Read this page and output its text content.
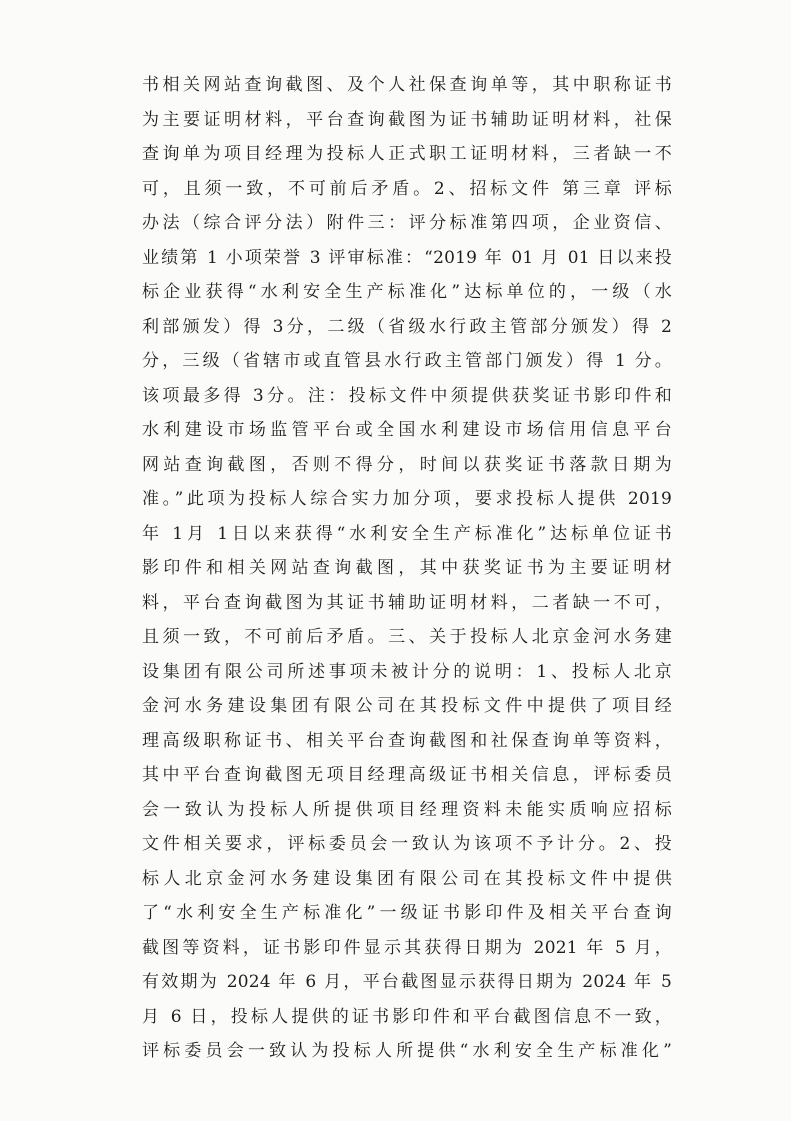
书相关网站查询截图、及个人社保查询单等，其中职称证书
为主要证明材料，平台查询截图为证书辅助证明材料，社保
查询单为项目经理为投标人正式职工证明材料，三者缺一不
可，且须一致，不可前后矛盾。2、招标文件 第三章 评标
办法（综合评分法）附件三：评分标准第四项，企业资信、
业绩第 1 小项荣誉 3 评审标准：“2019 年 01 月 01 日以来投
标企业获得“水利安全生产标准化”达标单位的，一级（水
利部颁发）得 3分，二级（省级水行政主管部分颁发）得 2
分，三级（省辖市或直管县水行政主管部门颁发）得 1 分。
该项最多得 3分。注：投标文件中须提供获奖证书影印件和
水利建设市场监管平台或全国水利建设市场信用信息平台
网站查询截图，否则不得分，时间以获奖证书落款日期为
准。”此项为投标人综合实力加分项，要求投标人提供 2019
年 1月 1日以来获得“水利安全生产标准化”达标单位证书
影印件和相关网站查询截图，其中获奖证书为主要证明材
料，平台查询截图为其证书辅助证明材料，二者缺一不可，
且须一致，不可前后矛盾。三、关于投标人北京金河水务建
设集团有限公司所述事项未被计分的说明：1、投标人北京
金河水务建设集团有限公司在其投标文件中提供了项目经
理高级职称证书、相关平台查询截图和社保查询单等资料，
其中平台查询截图无项目经理高级证书相关信息，评标委员
会一致认为投标人所提供项目经理资料未能实质响应招标
文件相关要求，评标委员会一致认为该项不予计分。2、投
标人北京金河水务建设集团有限公司在其投标文件中提供
了“水利安全生产标准化”一级证书影印件及相关平台查询
截图等资料，证书影印件显示其获得日期为 2021 年 5 月，
有效期为 2024 年 6 月，平台截图显示获得日期为 2024 年 5
月 6 日，投标人提供的证书影印件和平台截图信息不一致，
评标委员会一致认为投标人所提供“水利安全生产标准化”
